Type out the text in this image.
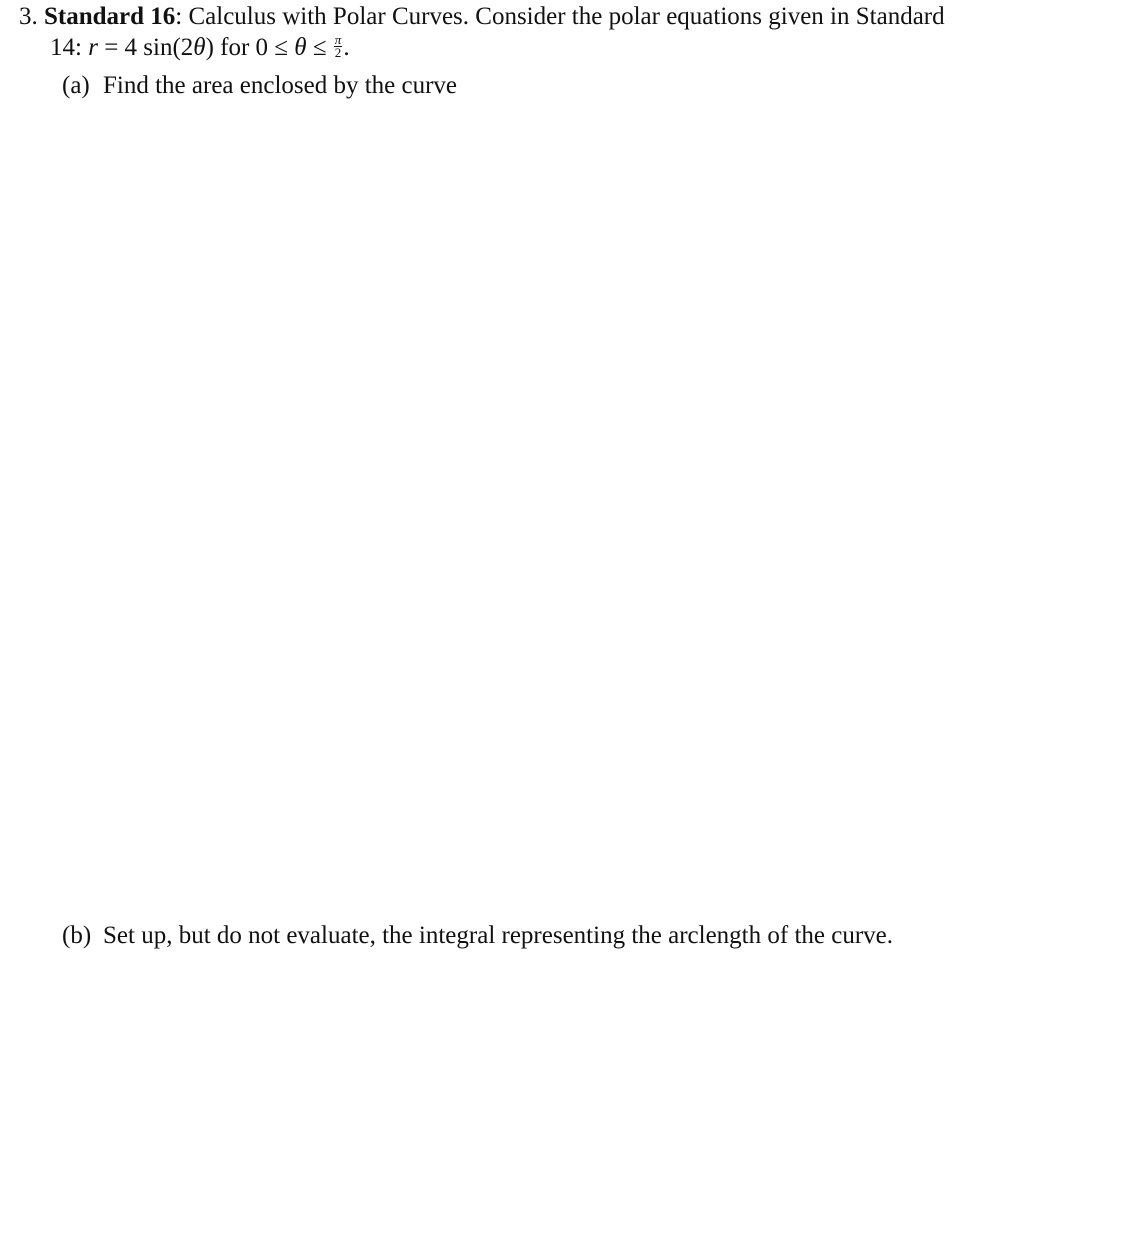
3. Standard 16: Calculus with Polar Curves. Consider the polar equations given in Standard
14: r = 4 sin(2θ) for $0 \le \theta \le \frac{\pi}{2}$ .
(a) Find the area enclosed by the curve
(b) Set up, but do not evaluate, the integral representing the arclength of the curve.
